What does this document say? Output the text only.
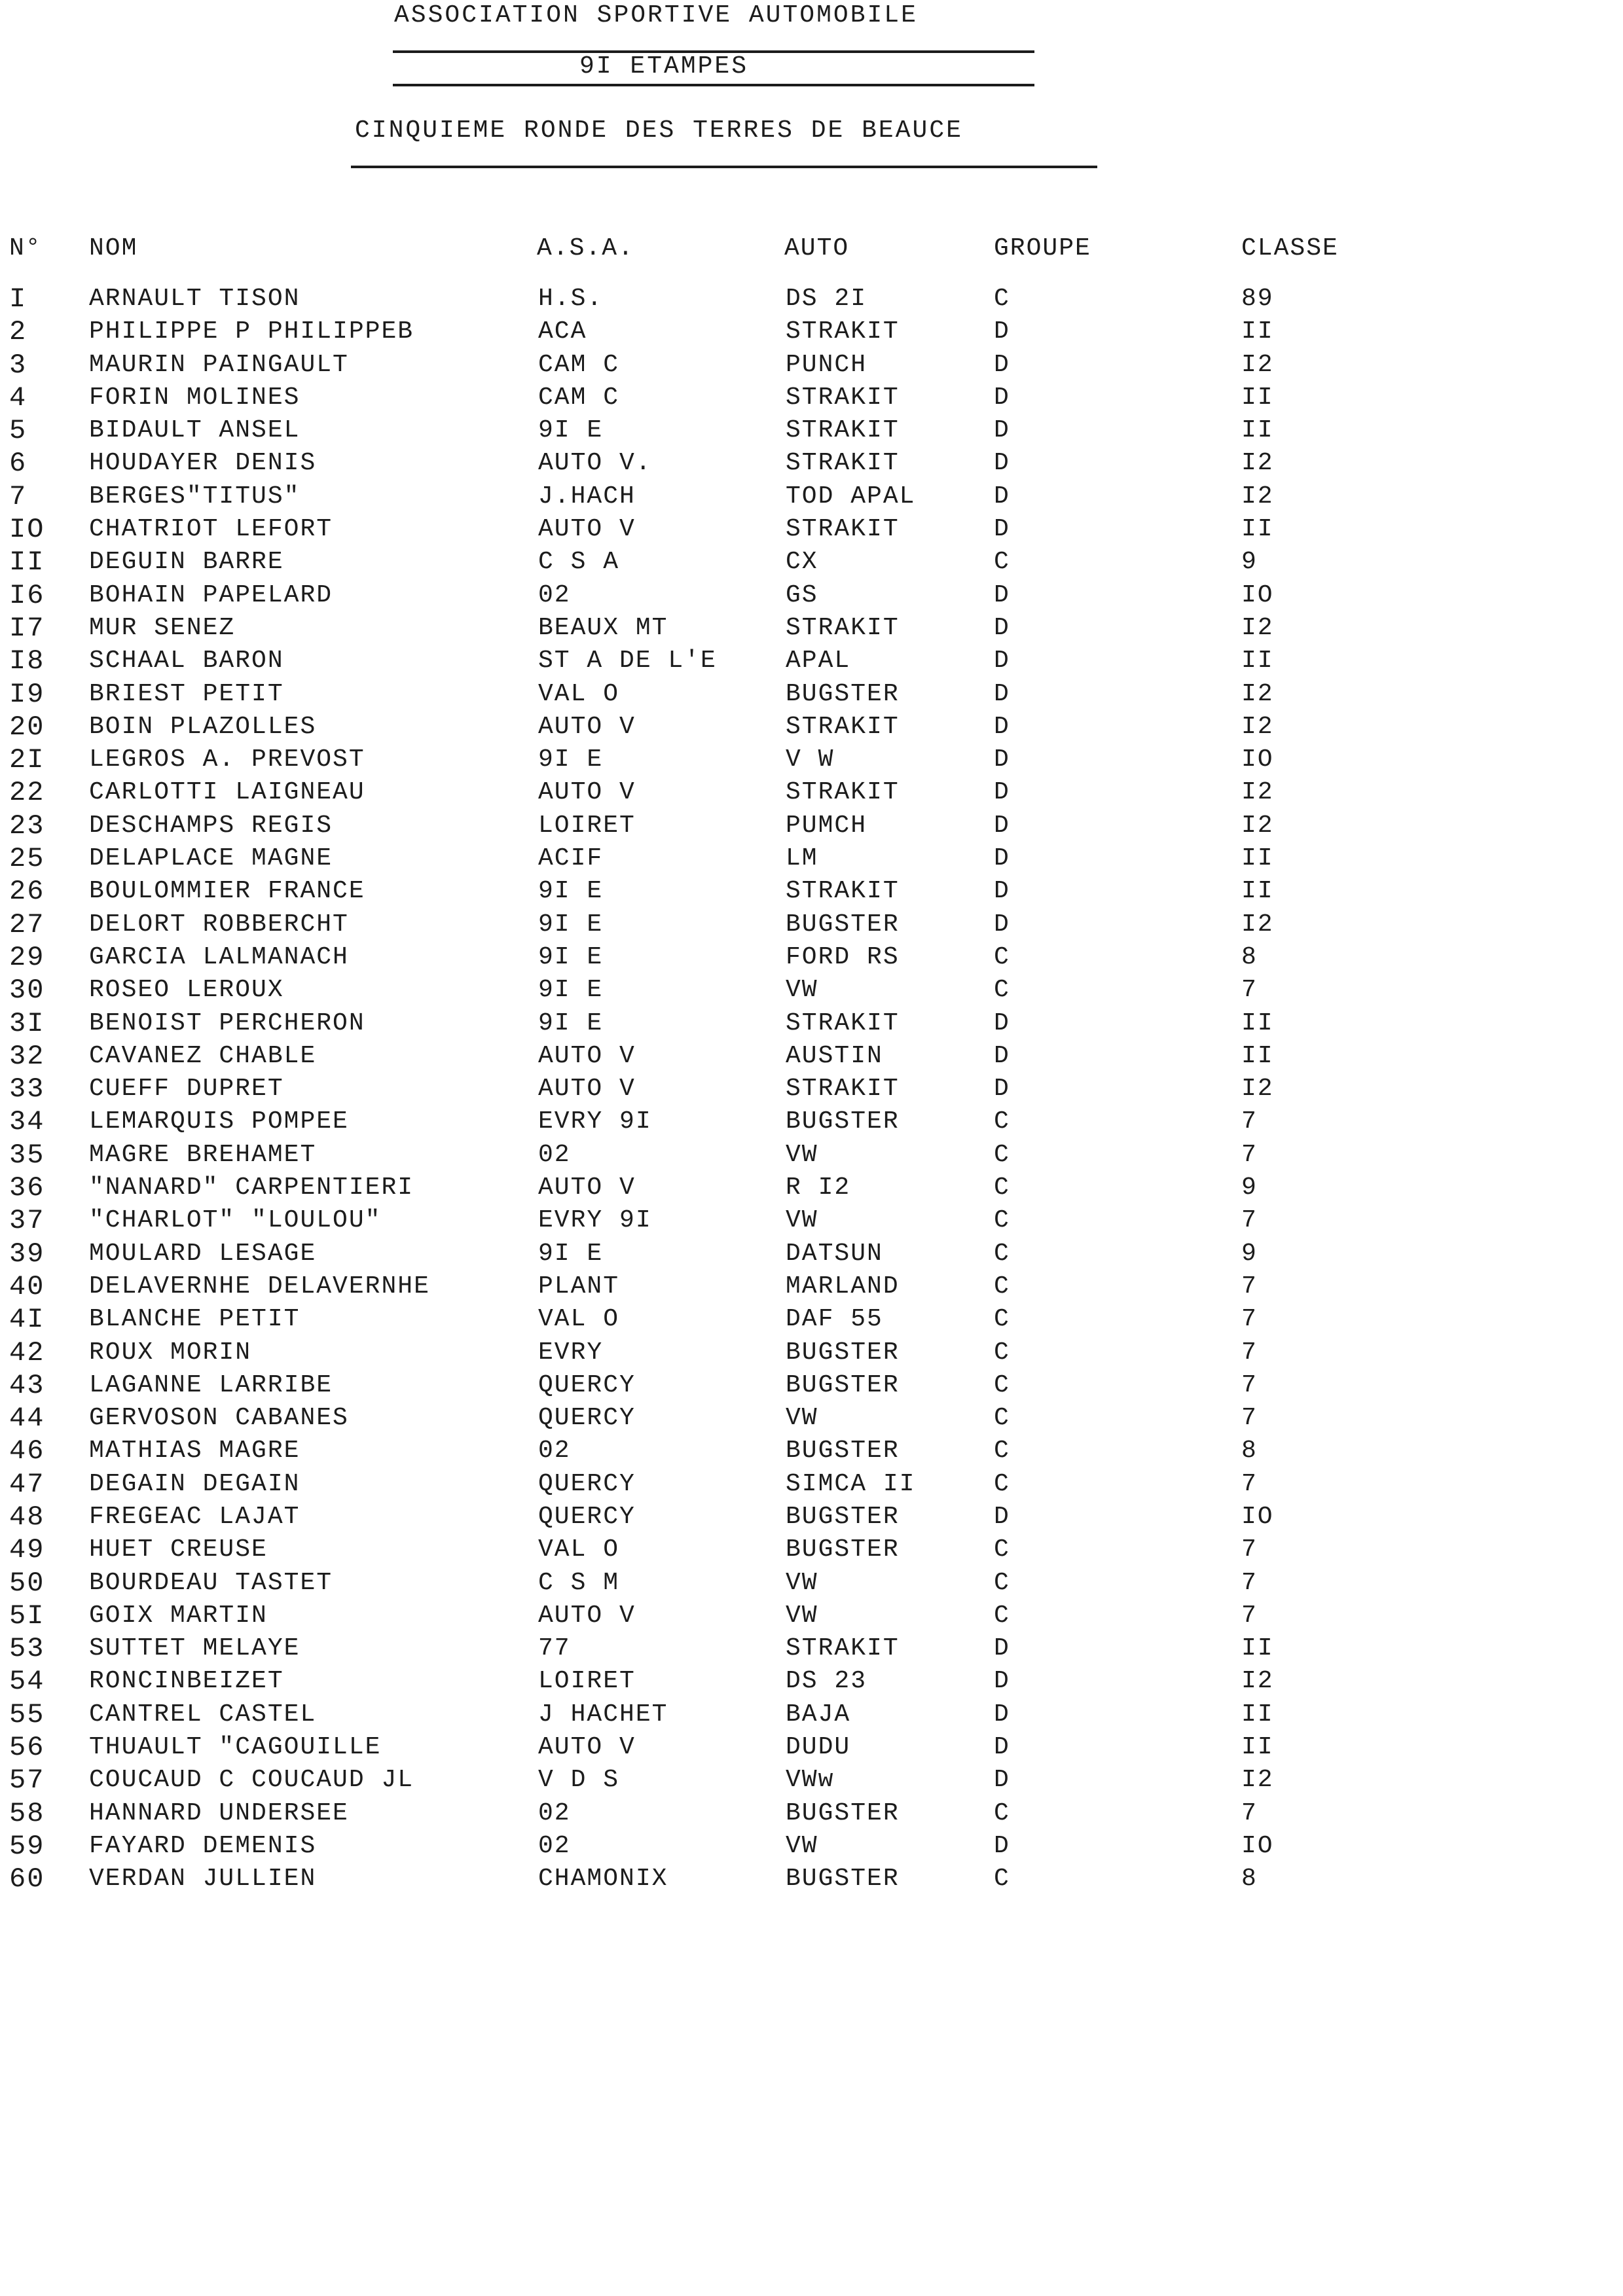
ASSOCIATION SPORTIVE AUTOMOBILE
9I ETAMPES
CINQUIEME RONDE DES TERRES DE BEAUCE
N° NOM	A.S.A.	AUTO	GROUPE	CLASSE
I ARNAULT TISON	H.S.	DS 2I	C	89
2 PHILIPPE P PHILIPPEB	ACA	STRAKIT	D	II
3 MAURIN PAINGAULT	CAM C	PUNCH	D	I2
4 FORIN MOLINES	CAM C	STRAKIT	D	II
5 BIDAULT ANSEL	9I E	STRAKIT	D	II
6 HOUDAYER DENIS	AUTO V.	STRAKIT	D	I2
7 BERGES"TITUS"	J.HACH	TOD APAL	D	I2
IO CHATRIOT LEFORT	AUTO V	STRAKIT	D	II
II DEGUIN BARRE	C S A	CX	C	9
I6 BOHAIN PAPELARD	02	GS	D	IO
I7 MUR SENEZ	BEAUX MT	STRAKIT	D	I2
I8 SCHAAL BARON	ST A DE L'E	APAL	D	II
I9 BRIEST PETIT	VAL O	BUGSTER	D	I2
20 BOIN PLAZOLLES	AUTO V	STRAKIT	D	I2
2I LEGROS A. PREVOST	9I E	V W	D	IO
22 CARLOTTI LAIGNEAU	AUTO V	STRAKIT	D	I2
23 DESCHAMPS REGIS	LOIRET	PUMCH	D	I2
25 DELAPLACE MAGNE	ACIF	LM	D	II
26 BOULOMMIER FRANCE	9I E	STRAKIT	D	II
27 DELORT ROBBERCHT	9I E	BUGSTER	D	I2
29 GARCIA LALMANACH	9I E	FORD RS	C	8
30 ROSEO LEROUX	9I E	VW	C	7
3I BENOIST PERCHERON	9I E	STRAKIT	D	II
32 CAVANEZ CHABLE	AUTO V	AUSTIN	D	II
33 CUEFF DUPRET	AUTO V	STRAKIT	D	I2
34 LEMARQUIS POMPEE	EVRY 9I	BUGSTER	C	7
35 MAGRE BREHAMET	02	VW	C	7
36 "NANARD" CARPENTIERI	AUTO V	R I2	C	9
37 "CHARLOT" "LOULOU"	EVRY 9I	VW	C	7
39 MOULARD LESAGE	9I E	DATSUN	C	9
40 DELAVERNHE DELAVERNHE	PLANT	MARLAND	C	7
4I BLANCHE PETIT	VAL O	DAF 55	C	7
42 ROUX MORIN	EVRY	BUGSTER	C	7
43 LAGANNE LARRIBE	QUERCY	BUGSTER	C	7
44 GERVOSON CABANES	QUERCY	VW	C	7
46 MATHIAS MAGRE	02	BUGSTER	C	8
47 DEGAIN DEGAIN	QUERCY	SIMCA II	C	7
48 FREGEAC LAJAT	QUERCY	BUGSTER	D	IO
49 HUET CREUSE	VAL O	BUGSTER	C	7
50 BOURDEAU TASTET	C S M	VW	C	7
5I GOIX MARTIN	AUTO V	VW	C	7
53 SUTTET MELAYE	77	STRAKIT	D	II
54 RONCINBEIZET	LOIRET	DS 23	D	I2
55 CANTREL CASTEL	J HACHET	BAJA	D	II
56 THUAULT "CAGOUILLE	AUTO V	DUDU	D	II
57 COUCAUD C COUCAUD JL	V D S	VWw	D	I2
58 HANNARD UNDERSEE	02	BUGSTER	C	7
59 FAYARD DEMENIS	02	VW	D	IO
60 VERDAN JULLIEN	CHAMONIX	BUGSTER	C	8
